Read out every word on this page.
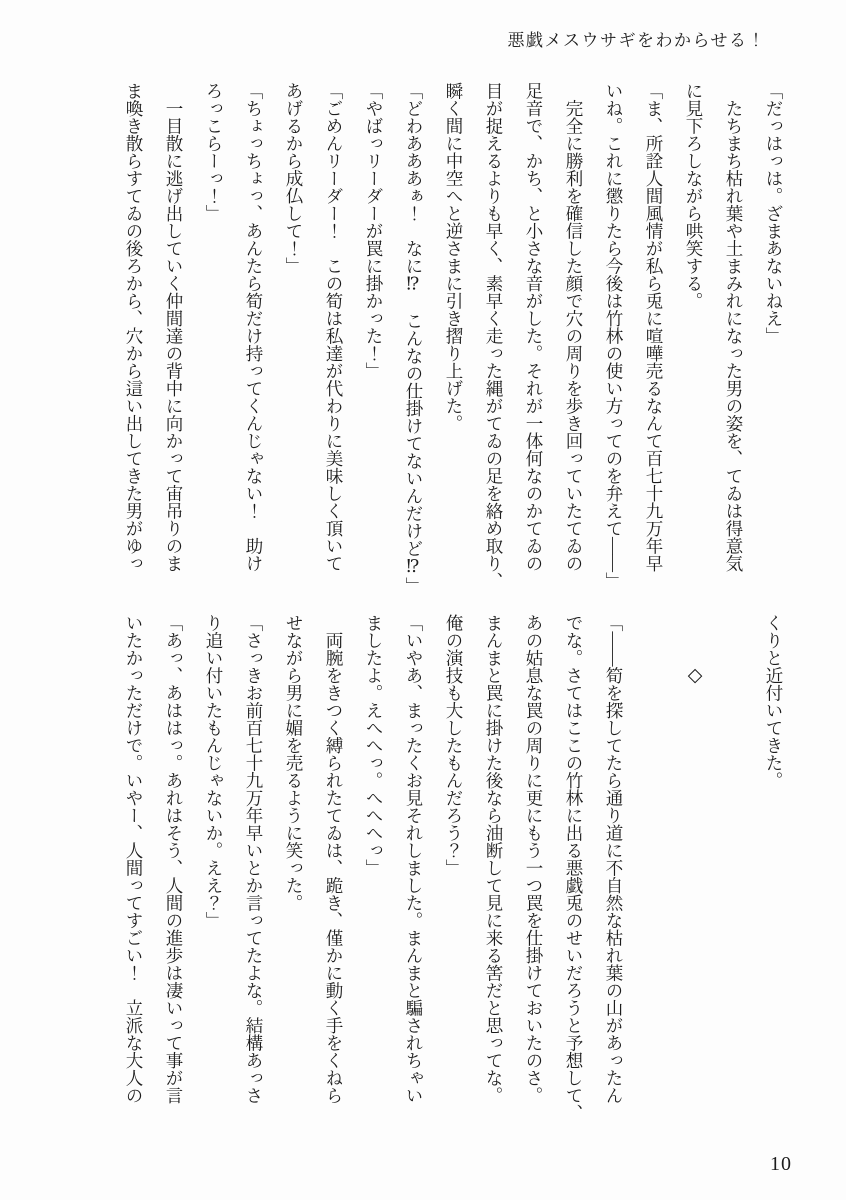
悪戯メスウサギをわからせる！

「だっはっは。ざまあないねえ」

　たちまち枯れ葉や土まみれになった男の姿を、てゐは得意気

に見下ろしながら哄笑する。

「ま、所詮人間風情が私ら兎に喧嘩売るなんて百七十九万年早

いね。これに懲りたら今後は竹林の使い方ってのを弁えて――」

　完全に勝利を確信した顔で穴の周りを歩き回っていたてゐの

足音で、かち、と小さな音がした。それが一体何なのかてゐの

目が捉えるよりも早く、素早く走った縄がてゐの足を絡め取り、

瞬く間に中空へと逆さまに引き摺り上げた。

「どわあああぁ！　なに⁉　こんなの仕掛けてないんだけど⁉」

「やばっリーダーが罠に掛かった！」

「ごめんリーダー！　この筍は私達が代わりに美味しく頂いて

あげるから成仏して！」

「ちょっちょっ、あんたら筍だけ持ってくんじゃない！　助け

ろっこらーっ！」

　一目散に逃げ出していく仲間達の背中に向かって宙吊りのま

ま喚き散らすてゐの後ろから、穴から這い出してきた男がゆっ

くりと近付いてきた。

◇

「――筍を探してたら通り道に不自然な枯れ葉の山があったん

でな。さてはここの竹林に出る悪戯兎のせいだろうと予想して、

あの姑息な罠の周りに更にもう一つ罠を仕掛けておいたのさ。

まんまと罠に掛けた後なら油断して見に来る筈だと思ってな。

俺の演技も大したもんだろう？」

「いやあ、まったくお見それしました。まんまと騙されちゃい

ましたよ。えへへっ。へへへっ」

　両腕をきつく縛られたてゐは、跪き、僅かに動く手をくねら

せながら男に媚を売るように笑った。

「さっきお前百七十九万年早いとか言ってたよな。結構あっさ

り追い付いたもんじゃないか。ええ？」

「あっ、あははっ。あれはそう、人間の進歩は凄いって事が言

いたかっただけで。いやー、人間ってすごい！　立派な大人の

10
